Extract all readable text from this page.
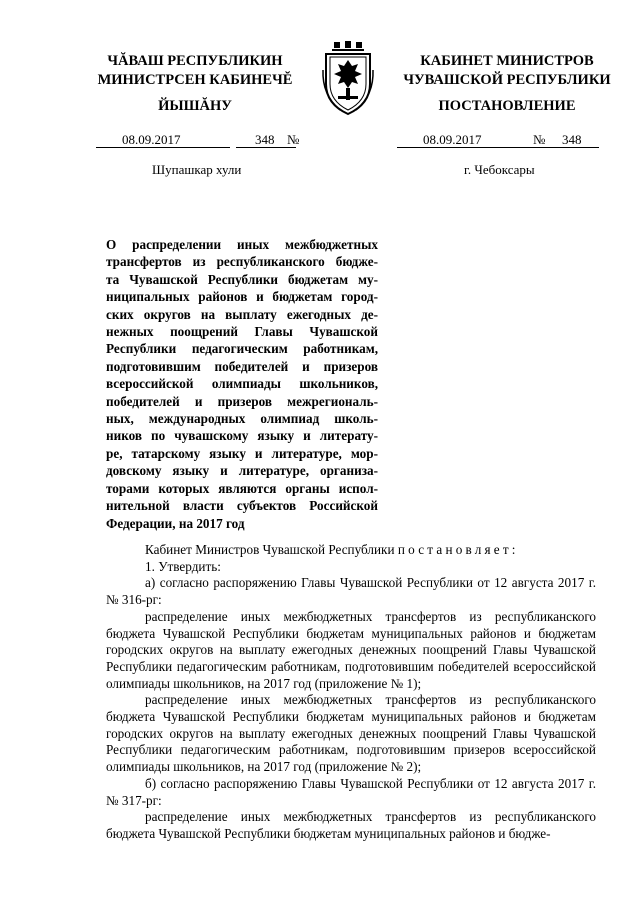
ЧĂВАШ РЕСПУБЛИКИН
МИНИСТРСЕН КАБИНЕЧĔ
ЙЫШĂНУ
КАБИНЕТ МИНИСТРОВ
ЧУВАШСКОЙ РЕСПУБЛИКИ
ПОСТАНОВЛЕНИЕ
08.09.2017	348 №	08.09.2017	№ 348
Шупашкар хули	г. Чебоксары
О распределении иных межбюджетных
трансфертов из республиканского бюдже-
та Чувашской Республики бюджетам му-
ниципальных районов и бюджетам город-
ских округов на выплату ежегодных де-
нежных поощрений Главы Чувашской
Республики педагогическим работникам,
подготовившим победителей и призеров
всероссийской олимпиады школьников,
победителей и призеров межрегиональ-
ных, международных олимпиад школь-
ников по чувашскому языку и литерату-
ре, татарскому языку и литературе, мор-
довскому языку и литературе, организа-
торами которых являются органы испол-
нительной власти субъектов Российской
Федерации, на 2017 год
Кабинет Министров Чувашской Республики постановляет:
1. Утвердить:
а) согласно распоряжению Главы Чувашской Республики от 12 августа 2017 г. № 316-рг:
распределение иных межбюджетных трансфертов из республиканского бюджета Чувашской Республики бюджетам муниципальных районов и бюджетам городских округов на выплату ежегодных денежных поощрений Главы Чувашской Республики педагогическим работникам, подготовившим победителей всероссийской олимпиады школьников, на 2017 год (приложение № 1);
распределение иных межбюджетных трансфертов из республиканского бюджета Чувашской Республики бюджетам муниципальных районов и бюджетам городских округов на выплату ежегодных денежных поощрений Главы Чувашской Республики педагогическим работникам, подготовившим призеров всероссийской олимпиады школьников, на 2017 год (приложение № 2);
б) согласно распоряжению Главы Чувашской Республики от 12 августа 2017 г. № 317-рг:
распределение иных межбюджетных трансфертов из республиканского бюджета Чувашской Республики бюджетам муниципальных районов и бюдже-
